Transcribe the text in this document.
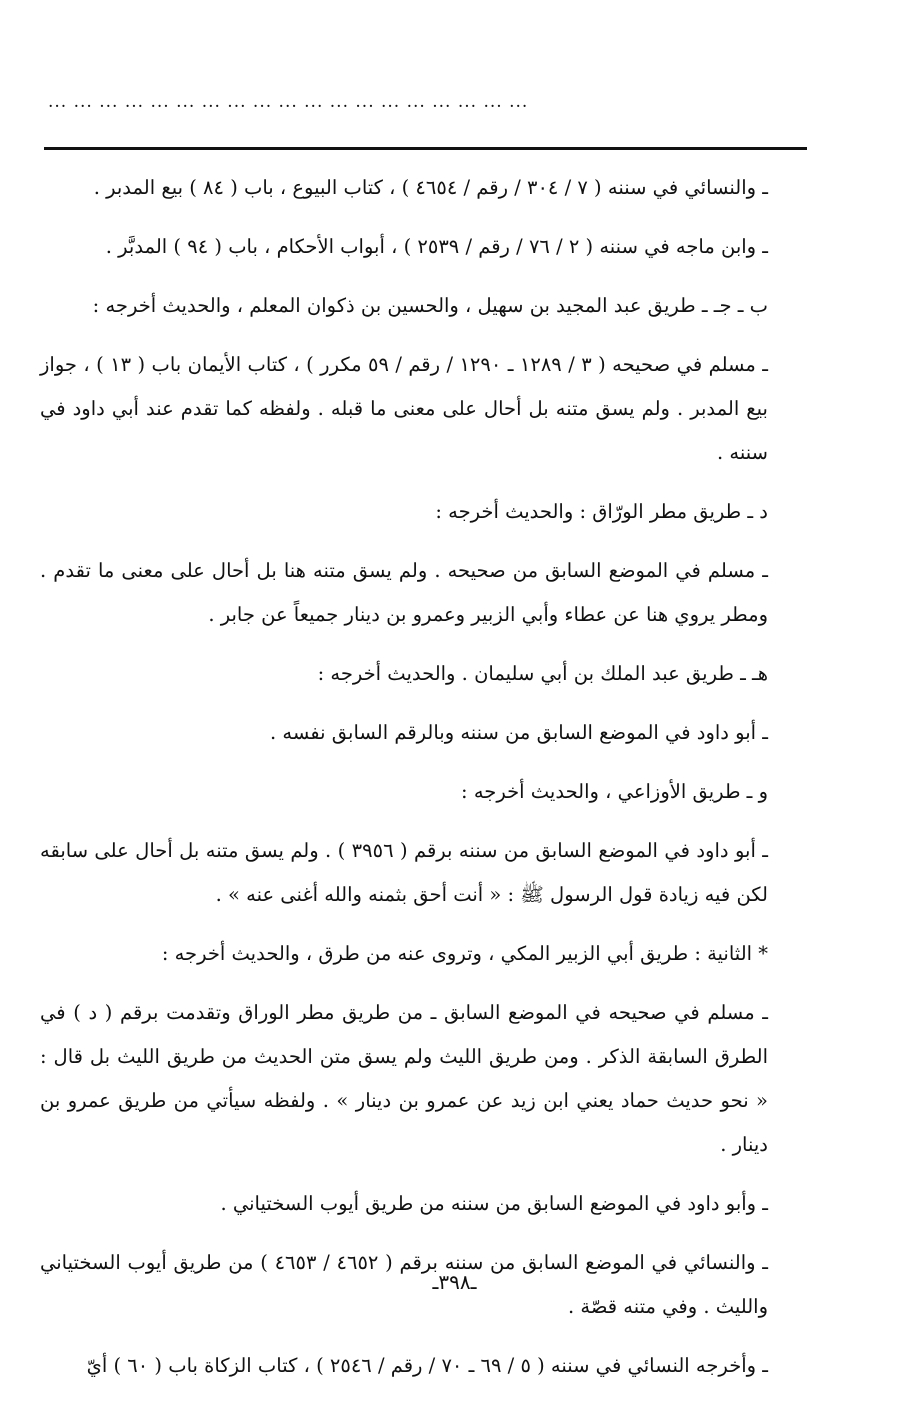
... ... ... ... ... ... ... ... ... ... ... ... ... ... ... ... ... ... ...

ـ والنسائي في سننه ( ٧ / ٣٠٤ / رقم / ٤٦٥٤ ) ، كتاب البيوع ، باب ( ٨٤ ) بيع المدبر .

ـ وابن ماجه في سننه ( ٢ / ٧٦ / رقم / ٢٥٣٩ ) ، أبواب الأحكام ، باب ( ٩٤ ) المدبَّر .

ب ـ جـ ـ طريق عبد المجيد بن سهيل ، والحسين بن ذكوان المعلم ، والحديث أخرجه :

ـ مسلم في صحيحه ( ٣ / ١٢٨٩ ـ ١٢٩٠ / رقم / ٥٩ مكرر ) ، كتاب الأيمان باب ( ١٣ ) ، جواز بيع المدبر . ولم يسق متنه بل أحال على معنى ما قبله . ولفظه كما تقدم عند أبي داود في سننه .

د ـ طريق مطر الورّاق : والحديث أخرجه :

ـ مسلم في الموضع السابق من صحيحه . ولم يسق متنه هنا بل أحال على معنى ما تقدم . ومطر يروي هنا عن عطاء وأبي الزبير وعمرو بن دينار جميعاً عن جابر .

هـ ـ طريق عبد الملك بن أبي سليمان . والحديث أخرجه :

ـ أبو داود في الموضع السابق من سننه وبالرقم السابق نفسه .

و ـ طريق الأوزاعي ، والحديث أخرجه :

ـ أبو داود في الموضع السابق من سننه برقم ( ٣٩٥٦ ) . ولم يسق متنه بل أحال على سابقه لكن فيه زيادة قول الرسول ﷺ : « أنت أحق بثمنه والله أغنى عنه » .

* الثانية : طريق أبي الزبير المكي ، وتروى عنه من طرق ، والحديث أخرجه :

ـ مسلم في صحيحه في الموضع السابق ـ من طريق مطر الوراق وتقدمت برقم ( د ) في الطرق السابقة الذكر . ومن طريق الليث ولم يسق متن الحديث من طريق الليث بل قال : « نحو حديث حماد يعني ابن زيد عن عمرو بن دينار » . ولفظه سيأتي من طريق عمرو بن دينار .

ـ وأبو داود في الموضع السابق من سننه من طريق أيوب السختياني .

ـ والنسائي في الموضع السابق من سننه برقم ( ٤٦٥٢ / ٤٦٥٣ ) من طريق أيوب السختياني والليث . وفي متنه قصّة .

ـ وأخرجه النسائي في سننه ( ٥ / ٦٩ ـ ٧٠ / رقم / ٢٥٤٦ ) ، كتاب الزكاة باب ( ٦٠ ) أيّ

ـ٣٩٨ـ
